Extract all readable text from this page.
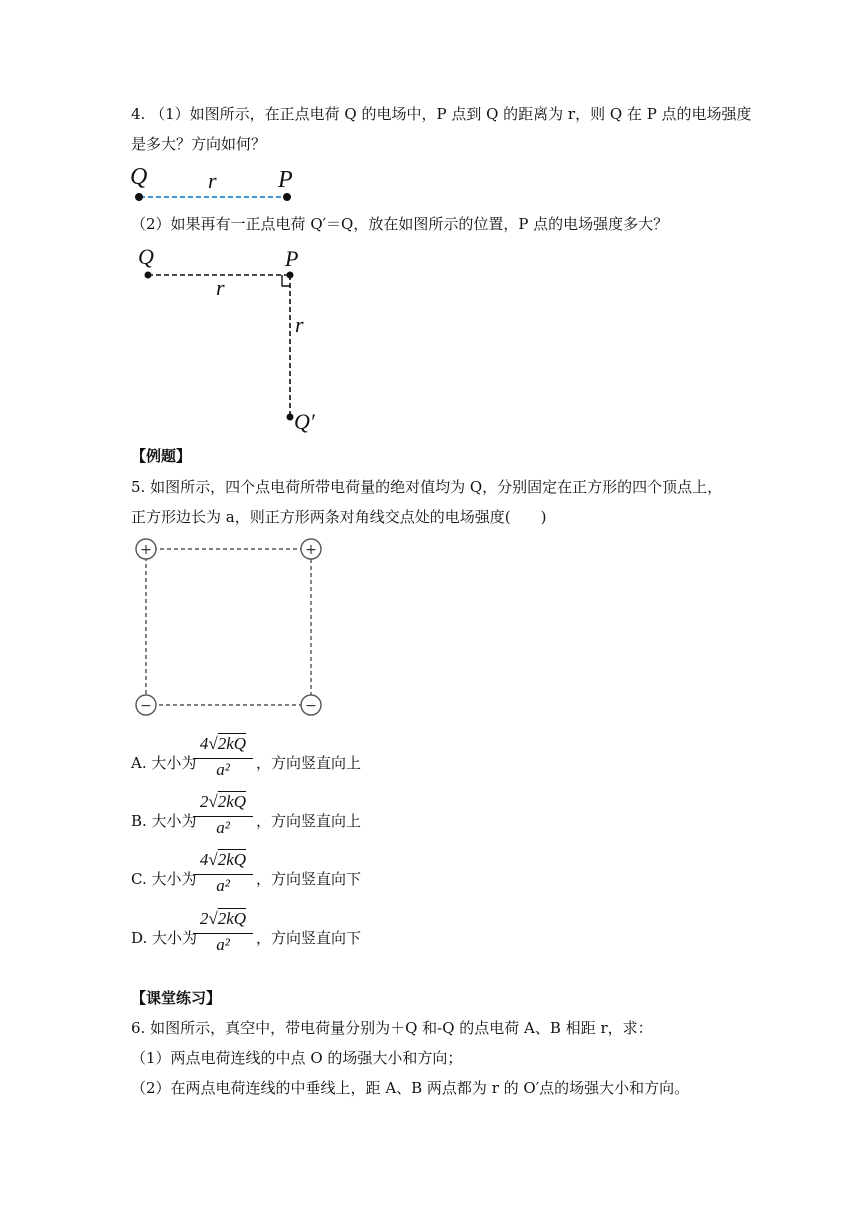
4. （1）如图所示，在正点电荷 Q 的电场中，P 点到 Q 的距离为 r，则 Q 在 P 点的电场强度
是多大？方向如何？
Q	r	P
（2）如果再有一正点电荷 Q′＝Q，放在如图所示的位置，P 点的电场强度多大？
Q	P
r
r
Q′
【例题】
5. 如图所示，四个点电荷所带电荷量的绝对值均为 Q，分别固定在正方形的四个顶点上，
正方形边长为 a，则正方形两条对角线交点处的电场强度(　　)
+	+
−	−
A. 大小为
4√2kQ
a²	，方向竖直向上
B. 大小为
2√2kQ
a²	，方向竖直向上
C. 大小为
4√2kQ
a²	，方向竖直向下
D. 大小为
2√2kQ
a²	，方向竖直向下
【课堂练习】
6. 如图所示，真空中，带电荷量分别为＋Q 和-Q 的点电荷 A、B 相距 r，求：
（1）两点电荷连线的中点 O 的场强大小和方向；
（2）在两点电荷连线的中垂线上，距 A、B 两点都为 r 的 O′点的场强大小和方向。
